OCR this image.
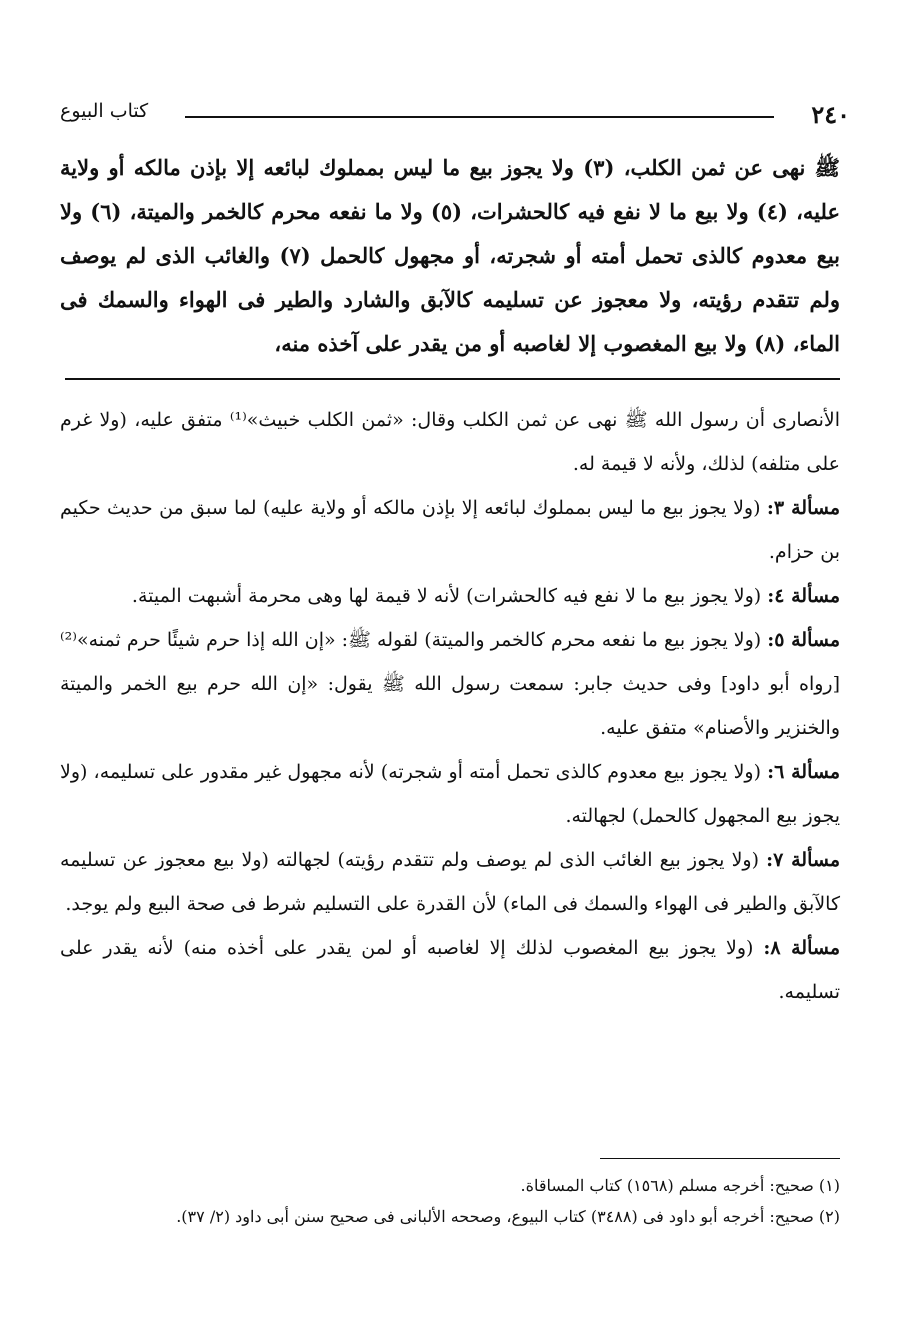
٢٤٠
كتاب البيوع

ﷺ نهى عن ثمن الكلب، (٣) ولا يجوز بيع ما ليس بمملوك لبائعه إلا بإذن مالكه أو ولاية عليه، (٤) ولا بيع ما لا نفع فيه كالحشرات، (٥) ولا ما نفعه محرم كالخمر والميتة، (٦) ولا بيع معدوم كالذى تحمل أمته أو شجرته، أو مجهول كالحمل (٧) والغائب الذى لم يوصف ولم تتقدم رؤيته، ولا معجوز عن تسليمه كالآبق والشارد والطير فى الهواء والسمك فى الماء، (٨) ولا بيع المغصوب إلا لغاصبه أو من يقدر على آخذه منه،

الأنصارى أن رسول الله ﷺ نهى عن ثمن الكلب وقال: «ثمن الكلب خبيث»⁽¹⁾ متفق عليه، (ولا غرم على متلفه) لذلك، ولأنه لا قيمة له.

مسألة ٣: (ولا يجوز بيع ما ليس بمملوك لبائعه إلا بإذن مالكه أو ولاية عليه) لما سبق من حديث حكيم بن حزام.

مسألة ٤: (ولا يجوز بيع ما لا نفع فيه كالحشرات) لأنه لا قيمة لها وهى محرمة أشبهت الميتة.

مسألة ٥: (ولا يجوز بيع ما نفعه محرم كالخمر والميتة) لقوله ﷺ: «إن الله إذا حرم شيئًا حرم ثمنه»⁽²⁾ [رواه أبو داود] وفى حديث جابر: سمعت رسول الله ﷺ يقول: «إن الله حرم بيع الخمر والميتة والخنزير والأصنام» متفق عليه.

مسألة ٦: (ولا يجوز بيع معدوم كالذى تحمل أمته أو شجرته) لأنه مجهول غير مقدور على تسليمه، (ولا يجوز بيع المجهول كالحمل) لجهالته.

مسألة ٧: (ولا يجوز بيع الغائب الذى لم يوصف ولم تتقدم رؤيته) لجهالته (ولا بيع معجوز عن تسليمه كالآبق والطير فى الهواء والسمك فى الماء) لأن القدرة على التسليم شرط فى صحة البيع ولم يوجد.

مسألة ٨: (ولا يجوز بيع المغصوب لذلك إلا لغاصبه أو لمن يقدر على أخذه منه) لأنه يقدر على تسليمه.

(١) صحيح: أخرجه مسلم (١٥٦٨) كتاب المساقاة.

(٢) صحيح: أخرجه أبو داود فى (٣٤٨٨) كتاب البيوع، وصححه الألبانى فى صحيح سنن أبى داود (٢/ ٣٧).
